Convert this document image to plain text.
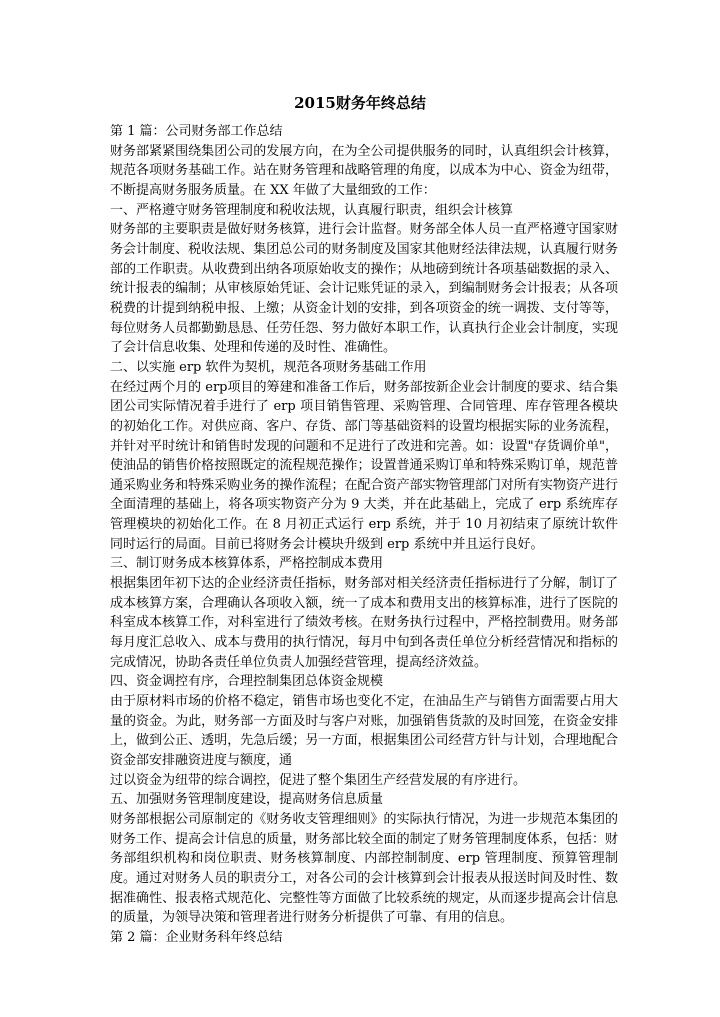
2015财务年终总结

第 1 篇：公司财务部工作总结

财务部紧紧围绕集团公司的发展方向，在为全公司提供服务的同时，认真组织会计核算，规范各项财务基础工作。站在财务管理和战略管理的角度，以成本为中心、资金为纽带，不断提高财务服务质量。在 XX 年做了大量细致的工作：

一、严格遵守财务管理制度和税收法规，认真履行职责，组织会计核算

财务部的主要职责是做好财务核算，进行会计监督。财务部全体人员一直严格遵守国家财务会计制度、税收法规、集团总公司的财务制度及国家其他财经法律法规，认真履行财务部的工作职责。从收费到出纳各项原始收支的操作；从地磅到统计各项基础数据的录入、统计报表的编制；从审核原始凭证、会计记账凭证的录入，到编制财务会计报表；从各项税费的计提到纳税申报、上缴；从资金计划的安排，到各项资金的统一调拨、支付等等，每位财务人员都勤勤恳恳、任劳任怨、努力做好本职工作，认真执行企业会计制度，实现了会计信息收集、处理和传递的及时性、准确性。

二、以实施 erp 软件为契机，规范各项财务基础工作用

在经过两个月的 erp项目的筹建和准备工作后，财务部按新企业会计制度的要求、结合集团公司实际情况着手进行了 erp 项目销售管理、采购管理、合同管理、库存管理各模块的初始化工作。对供应商、客户、存货、部门等基础资料的设置均根据实际的业务流程，并针对平时统计和销售时发现的问题和不足进行了改进和完善。如：设置"存货调价单"，使油品的销售价格按照既定的流程规范操作；设置普通采购订单和特殊采购订单，规范普通采购业务和特殊采购业务的操作流程；在配合资产部实物管理部门对所有实物资产进行全面清理的基础上，将各项实物资产分为 9 大类，并在此基础上，完成了 erp 系统库存管理模块的初始化工作。在 8 月初正式运行 erp 系统，并于 10 月初结束了原统计软件同时运行的局面。目前已将财务会计模块升级到 erp 系统中并且运行良好。

三、制订财务成本核算体系，严格控制成本费用

根据集团年初下达的企业经济责任指标，财务部对相关经济责任指标进行了分解，制订了成本核算方案，合理确认各项收入额，统一了成本和费用支出的核算标准，进行了医院的科室成本核算工作，对科室进行了绩效考核。在财务执行过程中，严格控制费用。财务部每月度汇总收入、成本与费用的执行情况，每月中旬到各责任单位分析经营情况和指标的完成情况，协助各责任单位负责人加强经营管理，提高经济效益。

四、资金调控有序，合理控制集团总体资金规模

由于原材料市场的价格不稳定，销售市场也变化不定，在油品生产与销售方面需要占用大量的资金。为此，财务部一方面及时与客户对账，加强销售货款的及时回笼，在资金安排上，做到公正、透明，先急后缓；另一方面，根据集团公司经营方针与计划，合理地配合资金部安排融资进度与额度，通

过以资金为纽带的综合调控，促进了整个集团生产经营发展的有序进行。

五、加强财务管理制度建设，提高财务信息质量

财务部根据公司原制定的《财务收支管理细则》的实际执行情况，为进一步规范本集团的财务工作、提高会计信息的质量，财务部比较全面的制定了财务管理制度体系，包括：财务部组织机构和岗位职责、财务核算制度、内部控制制度、erp 管理制度、预算管理制度。通过对财务人员的职责分工，对各公司的会计核算到会计报表从报送时间及时性、数据准确性、报表格式规范化、完整性等方面做了比较系统的规定，从而逐步提高会计信息的质量，为领导决策和管理者进行财务分析提供了可靠、有用的信息。

第 2 篇：企业财务科年终总结
